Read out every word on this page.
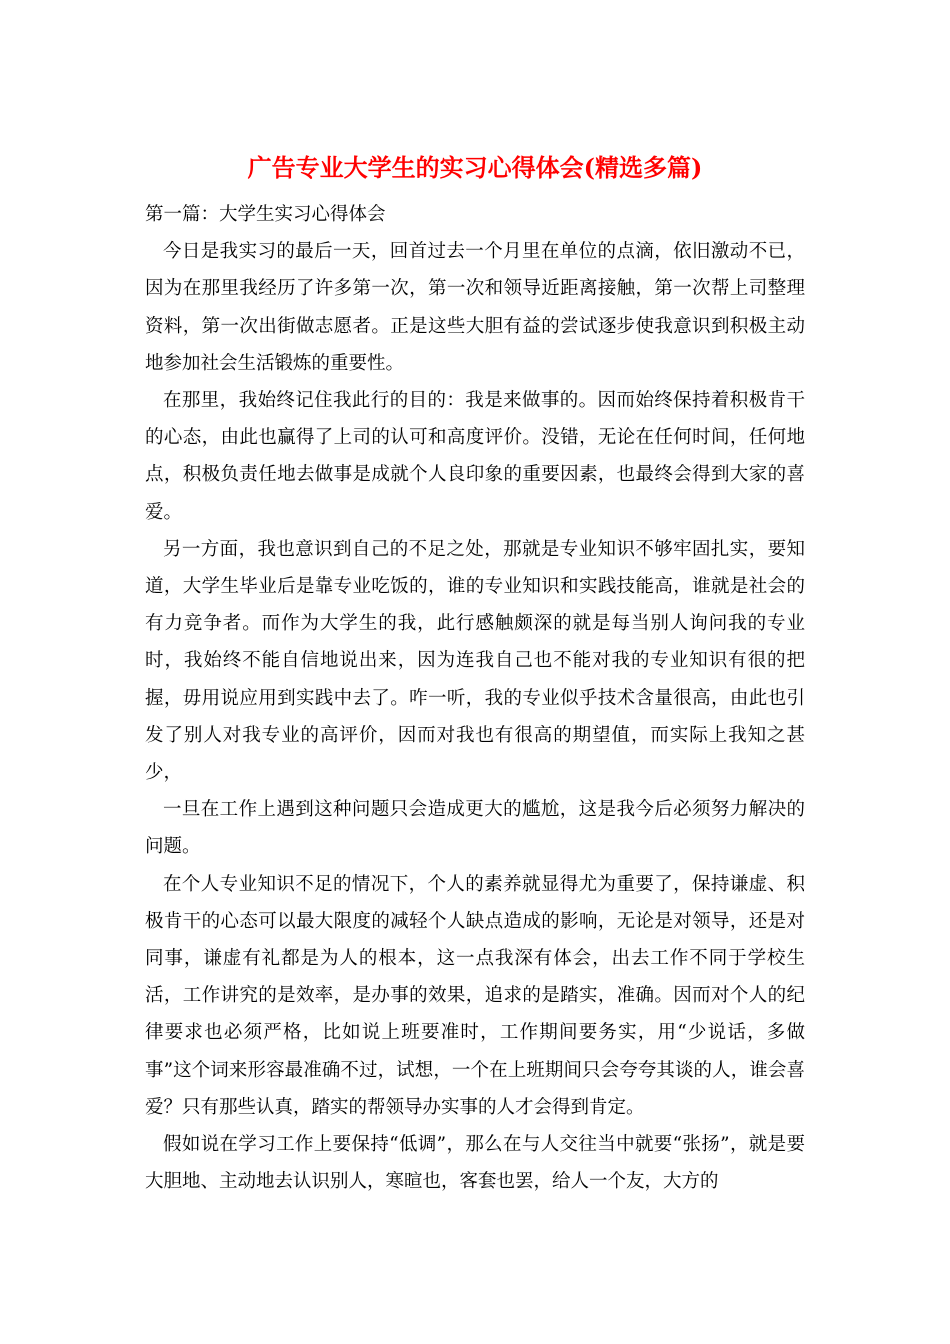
广告专业大学生的实习心得体会(精选多篇)

第一篇：大学生实习心得体会

今日是我实习的最后一天，回首过去一个月里在单位的点滴，依旧激动不已，因为在那里我经历了许多第一次，第一次和领导近距离接触，第一次帮上司整理资料，第一次出街做志愿者。正是这些大胆有益的尝试逐步使我意识到积极主动地参加社会生活锻炼的重要性。

在那里，我始终记住我此行的目的：我是来做事的。因而始终保持着积极肯干的心态，由此也赢得了上司的认可和高度评价。没错，无论在任何时间，任何地点，积极负责任地去做事是成就个人良印象的重要因素，也最终会得到大家的喜爱。

另一方面，我也意识到自己的不足之处，那就是专业知识不够牢固扎实，要知道，大学生毕业后是靠专业吃饭的，谁的专业知识和实践技能高，谁就是社会的有力竞争者。而作为大学生的我，此行感触颇深的就是每当别人询问我的专业时，我始终不能自信地说出来，因为连我自己也不能对我的专业知识有很的把握，毋用说应用到实践中去了。咋一听，我的专业似乎技术含量很高，由此也引发了别人对我专业的高评价，因而对我也有很高的期望值，而实际上我知之甚少，

一旦在工作上遇到这种问题只会造成更大的尴尬，这是我今后必须努力解决的问题。

在个人专业知识不足的情况下，个人的素养就显得尤为重要了，保持谦虚、积极肯干的心态可以最大限度的减轻个人缺点造成的影响，无论是对领导，还是对同事，谦虚有礼都是为人的根本，这一点我深有体会，出去工作不同于学校生活，工作讲究的是效率，是办事的效果，追求的是踏实，准确。因而对个人的纪律要求也必须严格，比如说上班要准时，工作期间要务实，用“少说话，多做事”这个词来形容最准确不过，试想，一个在上班期间只会夸夸其谈的人，谁会喜爱？只有那些认真，踏实的帮领导办实事的人才会得到肯定。

假如说在学习工作上要保持“低调”，那么在与人交往当中就要“张扬”，就是要大胆地、主动地去认识别人，寒暄也，客套也罢，给人一个友，大方的
